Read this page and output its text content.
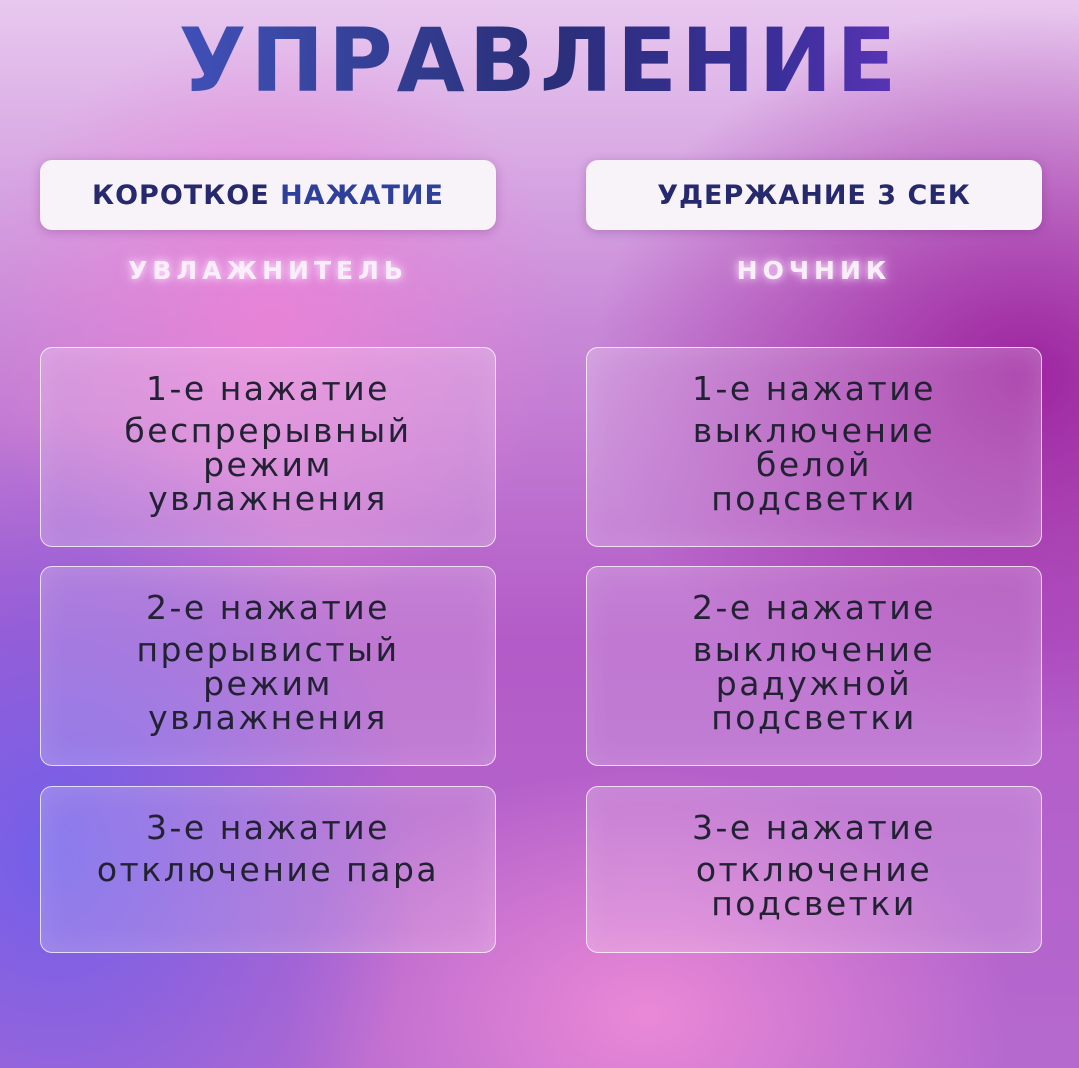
УПРАВЛЕНИЕ
КОРОТКОЕ НАЖАТИЕ	УДЕРЖАНИЕ 3 СЕК
УВЛАЖНИТЕЛЬ	НОЧНИК
1-е нажатие
беспрерывный
режим
увлажнения
2-е нажатие
прерывистый
режим
увлажнения
3-е нажатие
отключение пара
1-е нажатие
выключение
белой
подсветки
2-е нажатие
выключение
радужной
подсветки
3-е нажатие
отключение
подсветки
